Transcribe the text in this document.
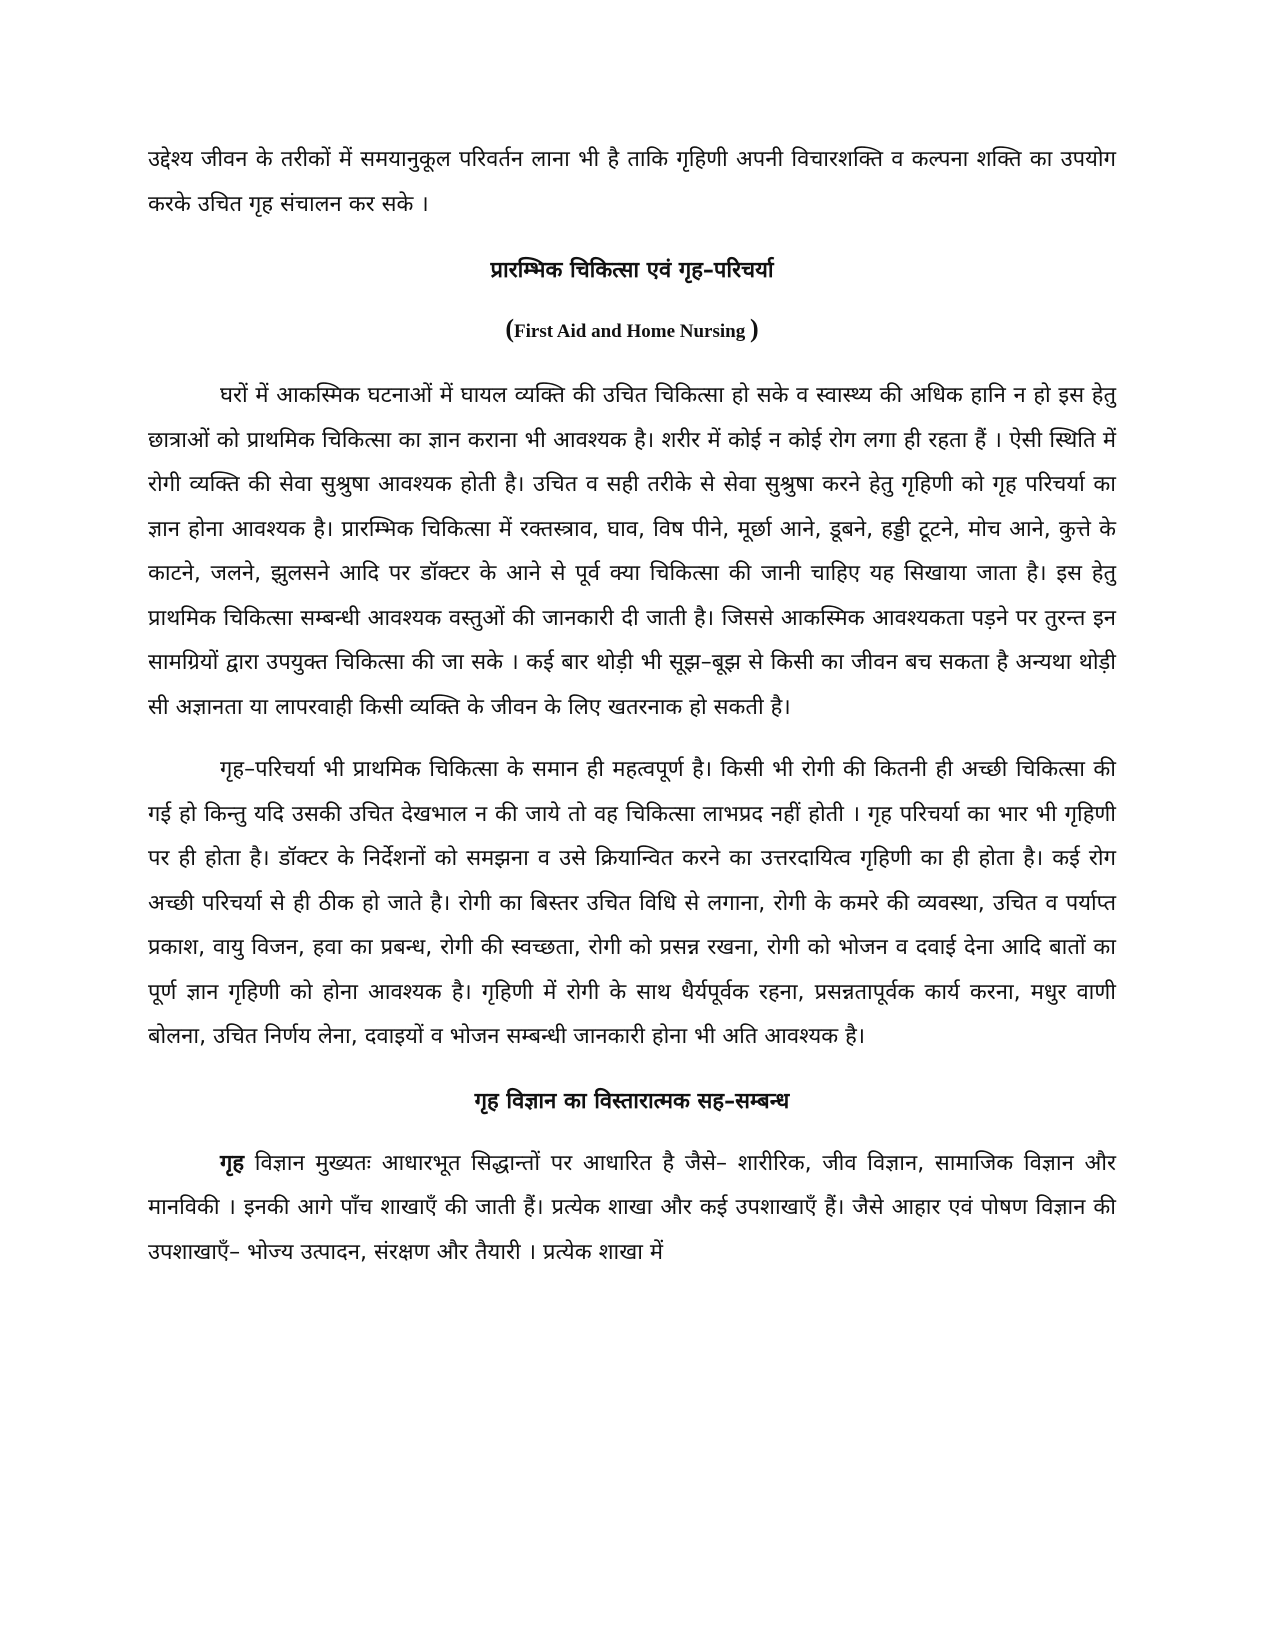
उद्देश्य जीवन के तरीकों में समयानुकूल परिवर्तन लाना भी है ताकि गृहिणी अपनी विचारशक्ति व कल्पना शक्ति का उपयोग करके उचित गृह संचालन कर सके ।

प्रारम्भिक चिकित्सा एवं गृह–परिचर्या

(First Aid and Home Nursing )

घरों में आकस्मिक घटनाओं में घायल व्यक्ति की उचित चिकित्सा हो सके व स्वास्थ्य की अधिक हानि न हो इस हेतु छात्राओं को प्राथमिक चिकित्सा का ज्ञान कराना भी आवश्यक है। शरीर में कोई न कोई रोग लगा ही रहता हैं । ऐसी स्थिति में रोगी व्यक्ति की सेवा सुश्रुषा आवश्यक होती है। उचित व सही तरीके से सेवा सुश्रुषा करने हेतु गृहिणी को गृह परिचर्या का ज्ञान होना आवश्यक है। प्रारम्भिक चिकित्सा में रक्तस्त्राव, घाव, विष पीने, मूर्छा आने, डूबने, हड्डी टूटने, मोच आने, कुत्ते के काटने, जलने, झुलसने आदि पर डॉक्टर के आने से पूर्व क्या चिकित्सा की जानी चाहिए यह सिखाया जाता है। इस हेतु प्राथमिक चिकित्सा सम्बन्धी आवश्यक वस्तुओं की जानकारी दी जाती है। जिससे आकस्मिक आवश्यकता पड़ने पर तुरन्त इन सामग्रियों द्वारा उपयुक्त चिकित्सा की जा सके । कई बार थोड़ी भी सूझ–बूझ से किसी का जीवन बच सकता है अन्यथा थोड़ी सी अज्ञानता या लापरवाही किसी व्यक्ति के जीवन के लिए खतरनाक हो सकती है।

गृह–परिचर्या भी प्राथमिक चिकित्सा के समान ही महत्वपूर्ण है। किसी भी रोगी की कितनी ही अच्छी चिकित्सा की गई हो किन्तु यदि उसकी उचित देखभाल न की जाये तो वह चिकित्सा लाभप्रद नहीं होती । गृह परिचर्या का भार भी गृहिणी पर ही होता है। डॉक्टर के निर्देशनों को समझना व उसे क्रियान्वित करने का उत्तरदायित्व गृहिणी का ही होता है। कई रोग अच्छी परिचर्या से ही ठीक हो जाते है। रोगी का बिस्तर उचित विधि से लगाना, रोगी के कमरे की व्यवस्था, उचित व पर्याप्त प्रकाश, वायु विजन, हवा का प्रबन्ध, रोगी की स्वच्छता, रोगी को प्रसन्न रखना, रोगी को भोजन व दवाई देना आदि बातों का पूर्ण ज्ञान गृहिणी को होना आवश्यक है। गृहिणी में रोगी के साथ धैर्यपूर्वक रहना, प्रसन्नतापूर्वक कार्य करना, मधुर वाणी बोलना, उचित निर्णय लेना, दवाइयों व भोजन सम्बन्धी जानकारी होना भी अति आवश्यक है।

गृह विज्ञान का विस्तारात्मक सह–सम्बन्ध

गृह विज्ञान मुख्यतः आधारभूत सिद्धान्तों पर आधारित है जैसे– शारीरिक, जीव विज्ञान, सामाजिक विज्ञान और मानविकी । इनकी आगे पाँच शाखाएँ की जाती हैं। प्रत्येक शाखा और कई उपशाखाएँ हैं। जैसे आहार एवं पोषण विज्ञान की उपशाखाएँ– भोज्य उत्पादन, संरक्षण और तैयारी । प्रत्येक शाखा में
